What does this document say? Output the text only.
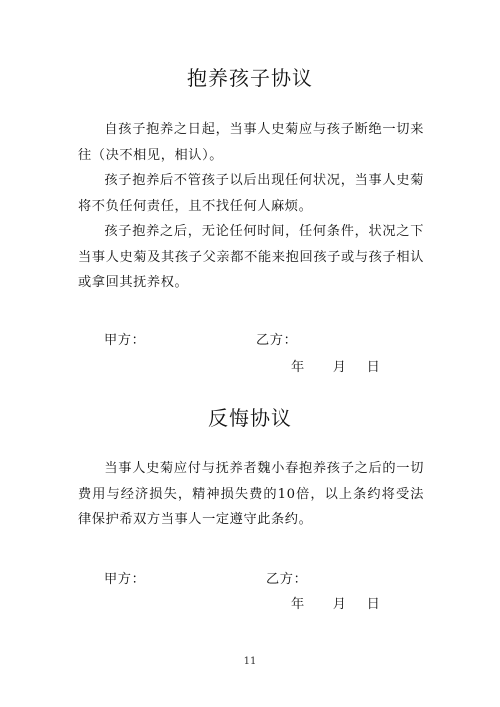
抱养孩子协议

自孩子抱养之日起，当事人史菊应与孩子断绝一切来往（决不相见，相认）。

孩子抱养后不管孩子以后出现任何状况，当事人史菊将不负任何责任，且不找任何人麻烦。

孩子抱养之后，无论任何时间，任何条件，状况之下当事人史菊及其孩子父亲都不能来抱回孩子或与孩子相认或拿回其抚养权。

甲方：	乙方：
年 月 日
反悔协议

当事人史菊应付与抚养者魏小春抱养孩子之后的一切费用与经济损失，精神损失费的10倍，以上条约将受法律保护希双方当事人一定遵守此条约。

甲方：	乙方：
年 月 日
11
